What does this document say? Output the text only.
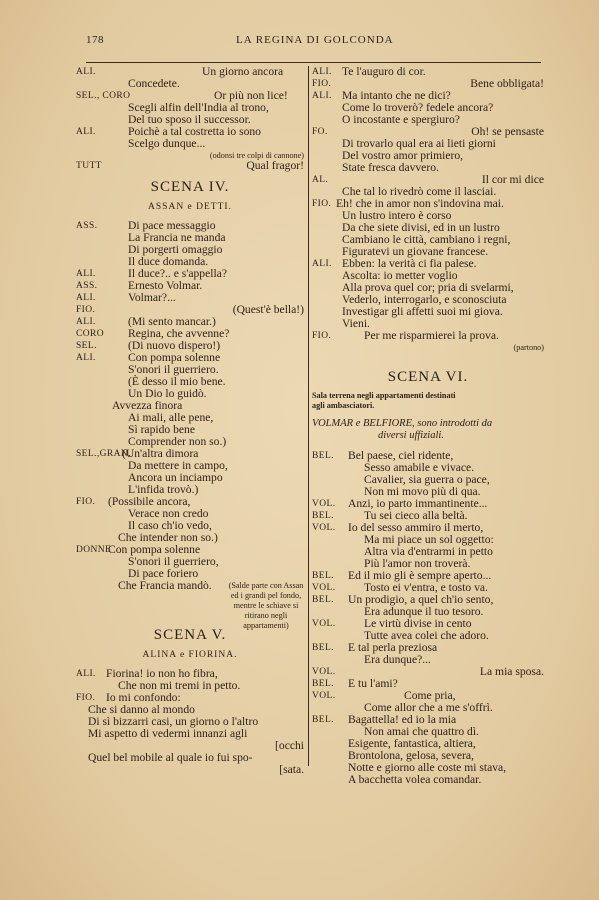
178	LA REGINA DI GOLCONDA
ALI.	Un giorno ancora
Concedete.
SEL., CORO	Or più non lice!
Scegli alfin dell'India al trono,
Del tuo sposo il successor.
ALI.	Poichè a tal costretta io sono
Scelgo dunque...
(odonsi tre colpi di cannone)
TUTT	Qual fragor!
SCENA IV.
ASSAN e DETTI.
ASS.	Di pace messaggio
La Francia ne manda
Di porgerti omaggio
Il duce domanda.
ALI.	Il duce?.. e s'appella?
ASS.	Ernesto Volmar.
ALI.	Volmar?...
FIO.	(Quest'è bella!)
ALI.	(Mi sento mancar.)
CORO Regina, che avvenne?
SEL.	(Di nuovo dispero!)
ALI.	Con pompa solenne
S'onori il guerriero.
(È desso il mio bene.
Un Dio lo guidò.
Avvezza finora
Ai mali, alle pene,
Sì rapido bene
Comprender non so.)
SEL.,GRAN.
(Un'altra dimora
Da mettere in campo,
Ancora un inciampo
L'infida trovò.)
FIO. (Possibile ancora,
Verace non credo
Il caso ch'io vedo,
Che intender non so.)
DONNE
Con pompa solenne
S'onori il guerriero,
Di pace foriero
Che Francia mandò.	(Salde parte con Assan ed i grandi pel fondo, mentre le schiave si ritirano negli appartamenti)
SCENA V.
ALINA e FIORINA.
ALI. Fiorina! io non ho fibra,
Che non mi tremi in petto.
FIO. Io mi confondo:
Che si danno al mondo
Di sì bizzarri casi, un giorno o l'altro
Mi aspetto di vedermi innanzi agli
[occhi
Quel bel mobile al quale io fui spo-
[sata.
ALI. Te l'auguro di cor.
FIO.	Bene obbligata!
ALI. Ma intanto che ne dici?
Come lo troverò? fedele ancora?
O incostante e spergiuro?
FO.	Oh! se pensaste
Di trovarlo qual era ai lieti giorni
Del vostro amor primiero,
State fresca davvero.
AL.	Il cor mi dice
Che tal lo rivedrò come il lasciai.
FIO. Eh! che in amor non s'indovina mai.
Un lustro intero è corso
Da che siete divisi, ed in un lustro
Cambiano le città, cambiano i regni,
Figuratevi un giovane francese.
ALI. Ebben: la verità ci fia palese.
Ascolta: io metter voglio
Alla prova quel cor; pria di svelarmi,
Vederlo, interrogarlo, e sconosciuta
Investigar gli affetti suoi mi giova.
Vieni.
FIO.	Per me risparmierei la prova.
(partono)
SCENA VI.
Sala terrena negli appartamenti destinati
agli ambasciatori.
VOLMAR e BELFIORE, sono introdotti da
diversi uffiziali.
BEL. Bel paese, ciel ridente,
Sesso amabile e vivace.
Cavalier, sia guerra o pace,
Non mi movo più di qua.
VOL. Anzi, io parto immantinente...
BEL.	Tu sei cieco alla beltà.
VOL. Io del sesso ammiro il merto,
Ma mi piace un sol oggetto:
Altra via d'entrarmi in petto
Più l'amor non troverà.
BEL. Ed il mio gli è sempre aperto...
VOL. Tosto ei v'entra, e tosto va.
BEL. Un prodigio, a quel ch'io sento,
Era adunque il tuo tesoro.
VOL. Le virtù divise in cento
Tutte avea colei che adoro.
BEL. E tal perla preziosa
Era dunque?...
VOL.	La mia sposa.
BEL. E tu l'ami?
VOL.	Come pria,
Come allor che a me s'offrì.
BEL. Bagattella! ed io la mia
Non amai che quattro dì.
Esigente, fantastica, altiera,
Brontolona, gelosa, severa,
Notte e giorno alle coste mi stava,
A bacchetta volea comandar.
